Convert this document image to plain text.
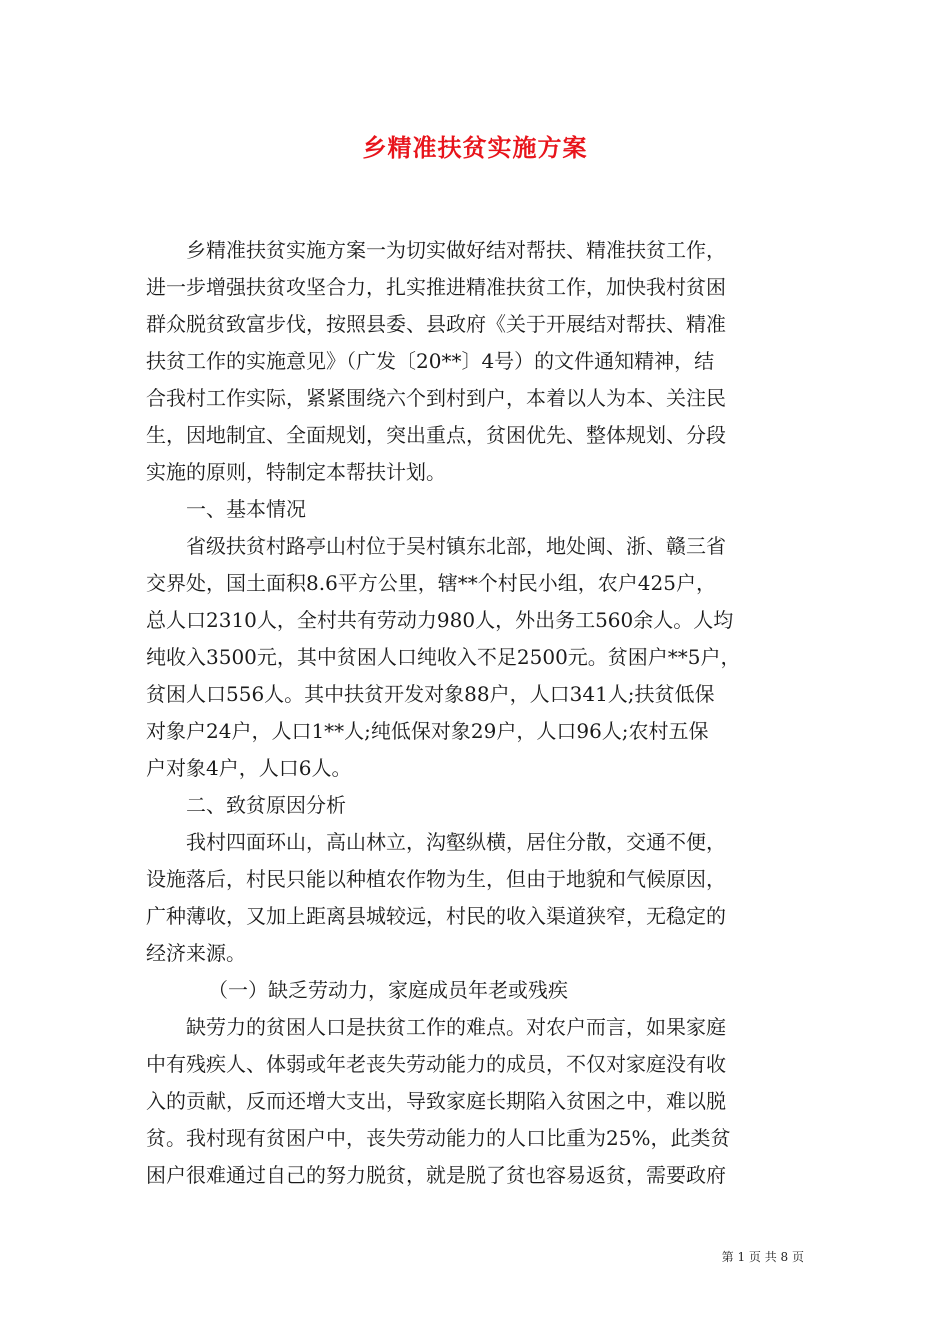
乡精准扶贫实施方案
乡精准扶贫实施方案一为切实做好结对帮扶、精准扶贫工作，
进一步增强扶贫攻坚合力，扎实推进精准扶贫工作，加快我村贫困
群众脱贫致富步伐，按照县委、县政府《关于开展结对帮扶、精准
扶贫工作的实施意见》（广发〔20**〕4号）的文件通知精神，结
合我村工作实际，紧紧围绕六个到村到户，本着以人为本、关注民
生，因地制宜、全面规划，突出重点，贫困优先、整体规划、分段
实施的原则，特制定本帮扶计划。
一、基本情况
省级扶贫村路亭山村位于吴村镇东北部，地处闽、浙、赣三省
交界处，国土面积8.6平方公里，辖**个村民小组，农户425户，
总人口2310人，全村共有劳动力980人，外出务工560余人。人均
纯收入3500元，其中贫困人口纯收入不足2500元。贫困户**5户，
贫困人口556人。其中扶贫开发对象88户，人口341人;扶贫低保
对象户24户，人口1**人;纯低保对象29户，人口96人;农村五保
户对象4户，人口6人。
二、致贫原因分析
我村四面环山，高山林立，沟壑纵横，居住分散，交通不便，
设施落后，村民只能以种植农作物为生，但由于地貌和气候原因，
广种薄收，又加上距离县城较远，村民的收入渠道狭窄，无稳定的
经济来源。
（一）缺乏劳动力，家庭成员年老或残疾
缺劳力的贫困人口是扶贫工作的难点。对农户而言，如果家庭
中有残疾人、体弱或年老丧失劳动能力的成员，不仅对家庭没有收
入的贡献，反而还增大支出，导致家庭长期陷入贫困之中，难以脱
贫。我村现有贫困户中，丧失劳动能力的人口比重为25%，此类贫
困户很难通过自己的努力脱贫，就是脱了贫也容易返贫，需要政府
第 1 页 共 8 页
